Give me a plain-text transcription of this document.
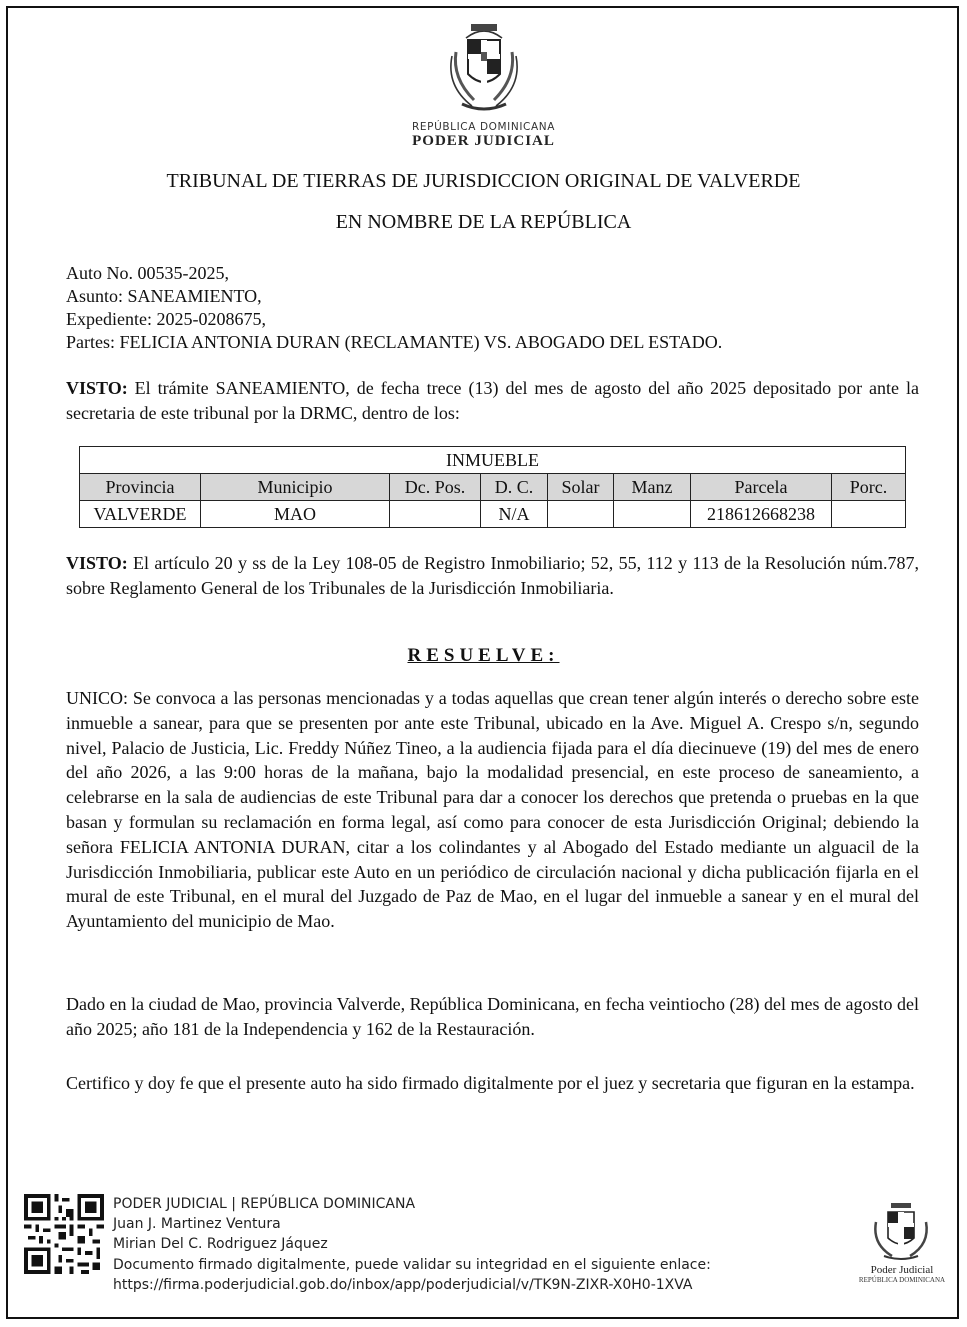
REPÚBLICA DOMINICANA
PODER JUDICIAL
TRIBUNAL DE TIERRAS DE JURISDICCION ORIGINAL DE VALVERDE
EN NOMBRE DE LA REPÚBLICA
Auto No. 00535-2025,
Asunto: SANEAMIENTO,
Expediente: 2025-0208675,
Partes: FELICIA ANTONIA DURAN (RECLAMANTE) VS. ABOGADO DEL ESTADO.
VISTO: El trámite SANEAMIENTO, de fecha trece (13) del mes de agosto del año 2025 depositado por ante la secretaria de este tribunal por la DRMC, dentro de los:
INMUEBLE							
Provincia	Municipio	Dc. Pos.	D. C.	Solar	Manz	Parcela	Porc.
VALVERDE	MAO		N/A			218612668238	
VISTO: El artículo 20 y ss de la Ley 108-05 de Registro Inmobiliario; 52, 55, 112 y 113 de la Resolución núm.787, sobre Reglamento General de los Tribunales de la Jurisdicción Inmobiliaria.
RESUELVE:
UNICO: Se convoca a las personas mencionadas y a todas aquellas que crean tener algún interés o derecho sobre este inmueble a sanear, para que se presenten por ante este Tribunal, ubicado en la Ave. Miguel A. Crespo s/n, segundo nivel, Palacio de Justicia, Lic. Freddy Núñez Tineo, a la audiencia fijada para el día diecinueve (19) del mes de enero del año 2026, a las 9:00 horas de la mañana, bajo la modalidad presencial, en este proceso de saneamiento, a celebrarse en la sala de audiencias de este Tribunal para dar a conocer los derechos que pretenda o pruebas en la que basan y formulan su reclamación en forma legal, así como para conocer de esta Jurisdicción Original; debiendo la señora FELICIA ANTONIA DURAN, citar a los colindantes y al Abogado del Estado mediante un alguacil de la Jurisdicción Inmobiliaria, publicar este Auto en un periódico de circulación nacional y dicha publicación fijarla en el mural de este Tribunal, en el mural del Juzgado de Paz de Mao, en el lugar del inmueble a sanear y en el mural del Ayuntamiento del municipio de Mao.
Dado en la ciudad de Mao, provincia Valverde, República Dominicana, en fecha veintiocho (28) del mes de agosto del año 2025; año 181 de la Independencia y 162 de la Restauración.
Certifico y doy fe que el presente auto ha sido firmado digitalmente por el juez y secretaria que figuran en la estampa.
PODER JUDICIAL | REPÚBLICA DOMINICANA
Juan J. Martinez Ventura
Mirian Del C. Rodriguez Jáquez
Documento firmado digitalmente, puede validar su integridad en el siguiente enlace:
https://firma.poderjudicial.gob.do/inbox/app/poderjudicial/v/TK9N-ZIXR-X0H0-1XVA
Poder Judicial
REPÚBLICA DOMINICANA
